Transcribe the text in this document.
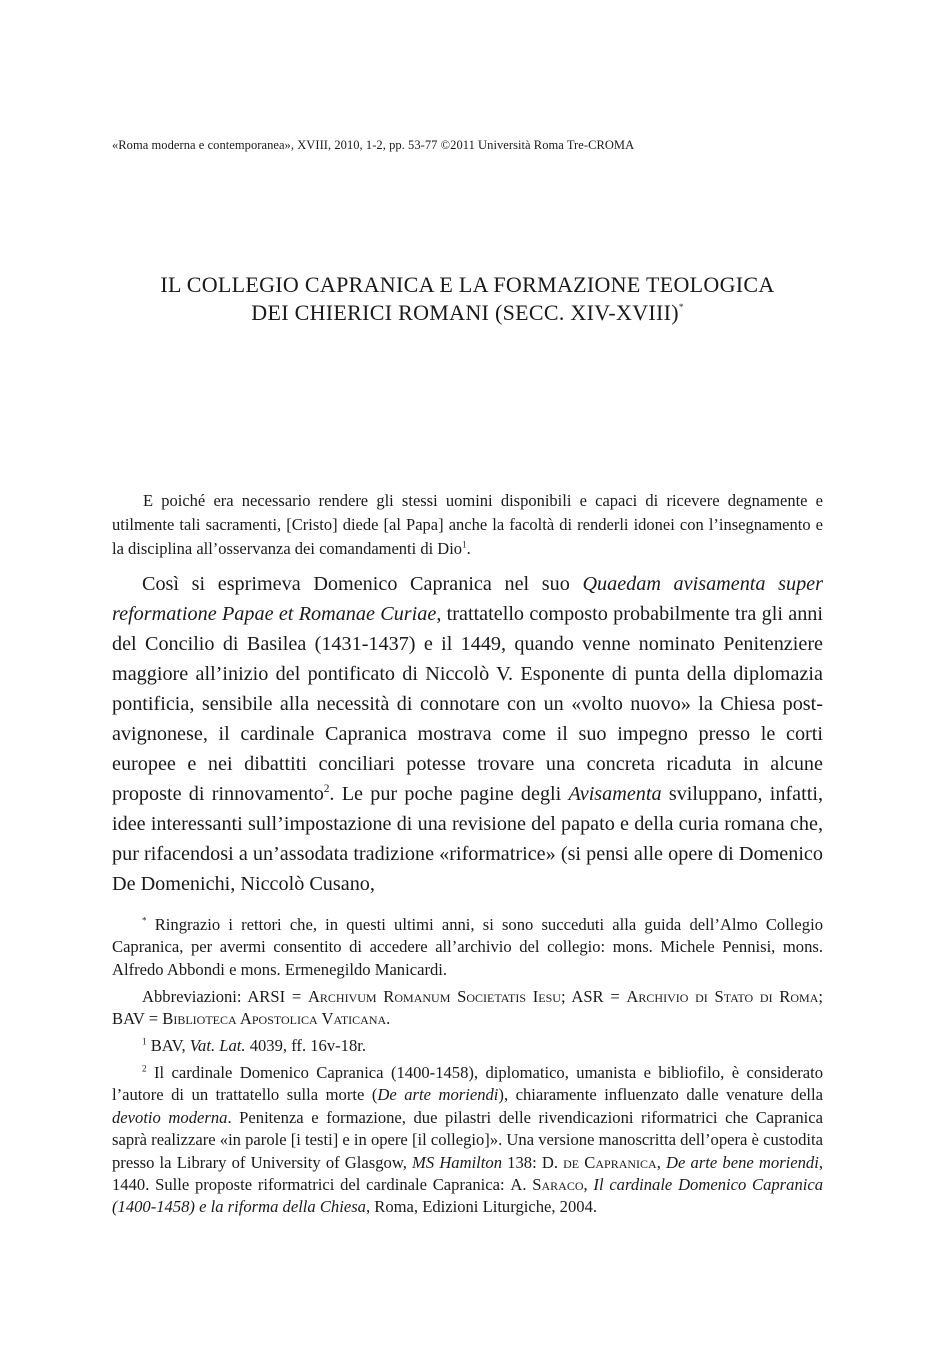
«Roma moderna e contemporanea», XVIII, 2010, 1-2, pp. 53-77 ©2011 Università Roma Tre-CROMA
IL COLLEGIO CAPRANICA E LA FORMAZIONE TEOLOGICA
DEI CHIERICI ROMANI (SECC. XIV-XVIII)*

E poiché era necessario rendere gli stessi uomini disponibili e capaci di ricevere degnamente e utilmente tali sacramenti, [Cristo] diede [al Papa] anche la facoltà di renderli idonei con l’insegnamento e la disciplina all’osservanza dei comandamenti di Dio$^1$.

Così si esprimeva Domenico Capranica nel suo Quaedam avisamenta super reformatione Papae et Romanae Curiae, trattatello composto probabilmente tra gli anni del Concilio di Basilea (1431-1437) e il 1449, quando venne nominato Penitenziere maggiore all’inizio del pontificato di Niccolò V. Esponente di punta della diplomazia pontificia, sensibile alla necessità di connotare con un «volto nuovo» la Chiesa post-avignonese, il cardinale Capranica mostrava come il suo impegno presso le corti europee e nei dibattiti conciliari potesse trovare una concreta ricaduta in alcune proposte di rinnovamento$^2$. Le pur poche pagine degli Avisamenta sviluppano, infatti, idee interessanti sull’impostazione di una revisione del papato e della curia romana che, pur rifacendosi a un’assodata tradizione «riformatrice» (si pensi alle opere di Domenico De Domenichi, Niccolò Cusano,

* Ringrazio i rettori che, in questi ultimi anni, si sono succeduti alla guida dell’Almo Collegio Capranica, per avermi consentito di accedere all’archivio del collegio: mons. Michele Pennisi, mons. Alfredo Abbondi e mons. Ermenegildo Manicardi.

Abbreviazioni: ARSI = Archivum Romanum Societatis Iesu; ASR = Archivio di Stato di Roma; BAV = Biblioteca Apostolica Vaticana.

$^1$ BAV, Vat. Lat. 4039, ff. 16v-18r.

$^2$ Il cardinale Domenico Capranica (1400-1458), diplomatico, umanista e bibliofilo, è considerato l’autore di un trattatello sulla morte (De arte moriendi), chiaramente influenzato dalle venature della devotio moderna. Penitenza e formazione, due pilastri delle rivendicazioni riformatrici che Capranica saprà realizzare «in parole [i testi] e in opere [il collegio]». Una versione manoscritta dell’opera è custodita presso la Library of University of Glasgow, MS Hamilton 138: D. de Capranica, De arte bene moriendi, 1440. Sulle proposte riformatrici del cardinale Capranica: A. Saraco, Il cardinale Domenico Capranica (1400-1458) e la riforma della Chiesa, Roma, Edizioni Liturgiche, 2004.
